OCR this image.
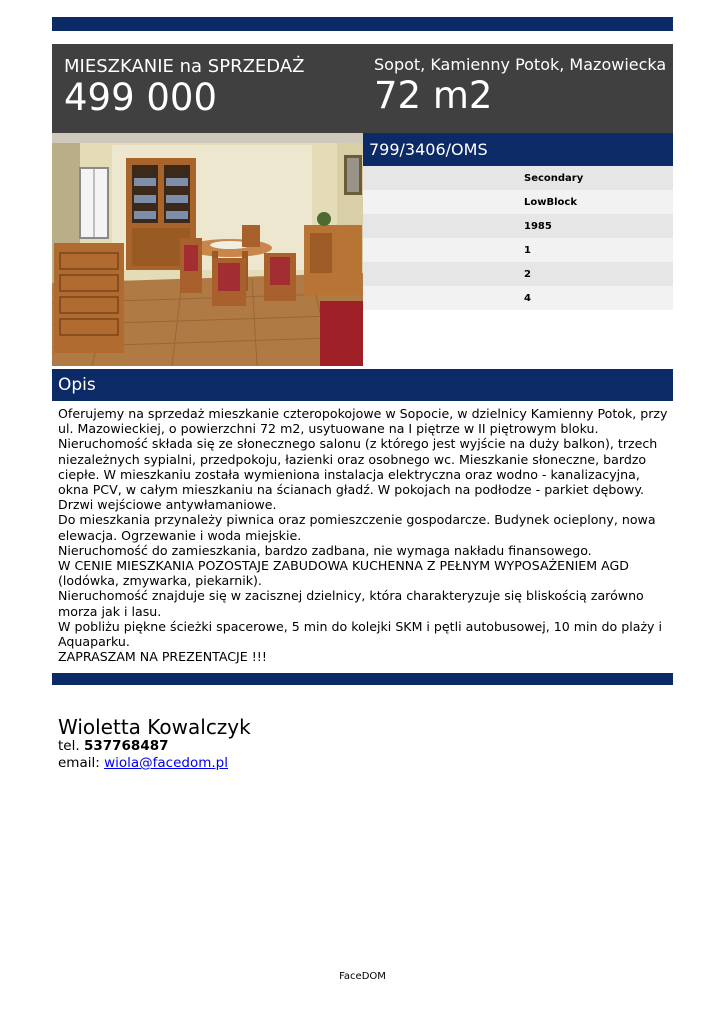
MIESZKANIE na SPRZEDAŻ
499 000
Sopot, Kamienny Potok, Mazowiecka
72 m2
799/3406/OMS
Secondary
LowBlock
1985
1
2
4
Opis

Oferujemy na sprzedaż mieszkanie czteropokojowe w Sopocie, w dzielnicy Kamienny Potok, przy ul. Mazowieckiej, o powierzchni 72 m2, usytuowane na I piętrze w II piętrowym bloku.

Nieruchomość składa się ze słonecznego salonu (z którego jest wyjście na duży balkon), trzech niezależnych sypialni, przedpokoju, łazienki oraz osobnego wc. Mieszkanie słoneczne, bardzo ciepłe. W mieszkaniu została wymieniona instalacja elektryczna oraz wodno - kanalizacyjna, okna PCV, w całym mieszkaniu na ścianach gładź. W pokojach na podłodze - parkiet dębowy. Drzwi wejściowe antywłamaniowe.

Do mieszkania przynależy piwnica oraz pomieszczenie gospodarcze. Budynek ocieplony, nowa elewacja. Ogrzewanie i woda miejskie.

Nieruchomość do zamieszkania, bardzo zadbana, nie wymaga nakładu finansowego.

W CENIE MIESZKANIA POZOSTAJE ZABUDOWA KUCHENNA Z PEŁNYM WYPOSAŻENIEM AGD (lodówka, zmywarka, piekarnik).

Nieruchomość znajduje się w zacisznej dzielnicy, która charakteryzuje się bliskością zarówno morza jak i lasu.

W pobliżu piękne ścieżki spacerowe, 5 min do kolejki SKM i pętli autobusowej, 10 min do plaży i Aquaparku.

ZAPRASZAM NA PREZENTACJE !!!

Wioletta Kowalczyk
tel. 537768487
email: wiola@facedom.pl
FaceDOM
